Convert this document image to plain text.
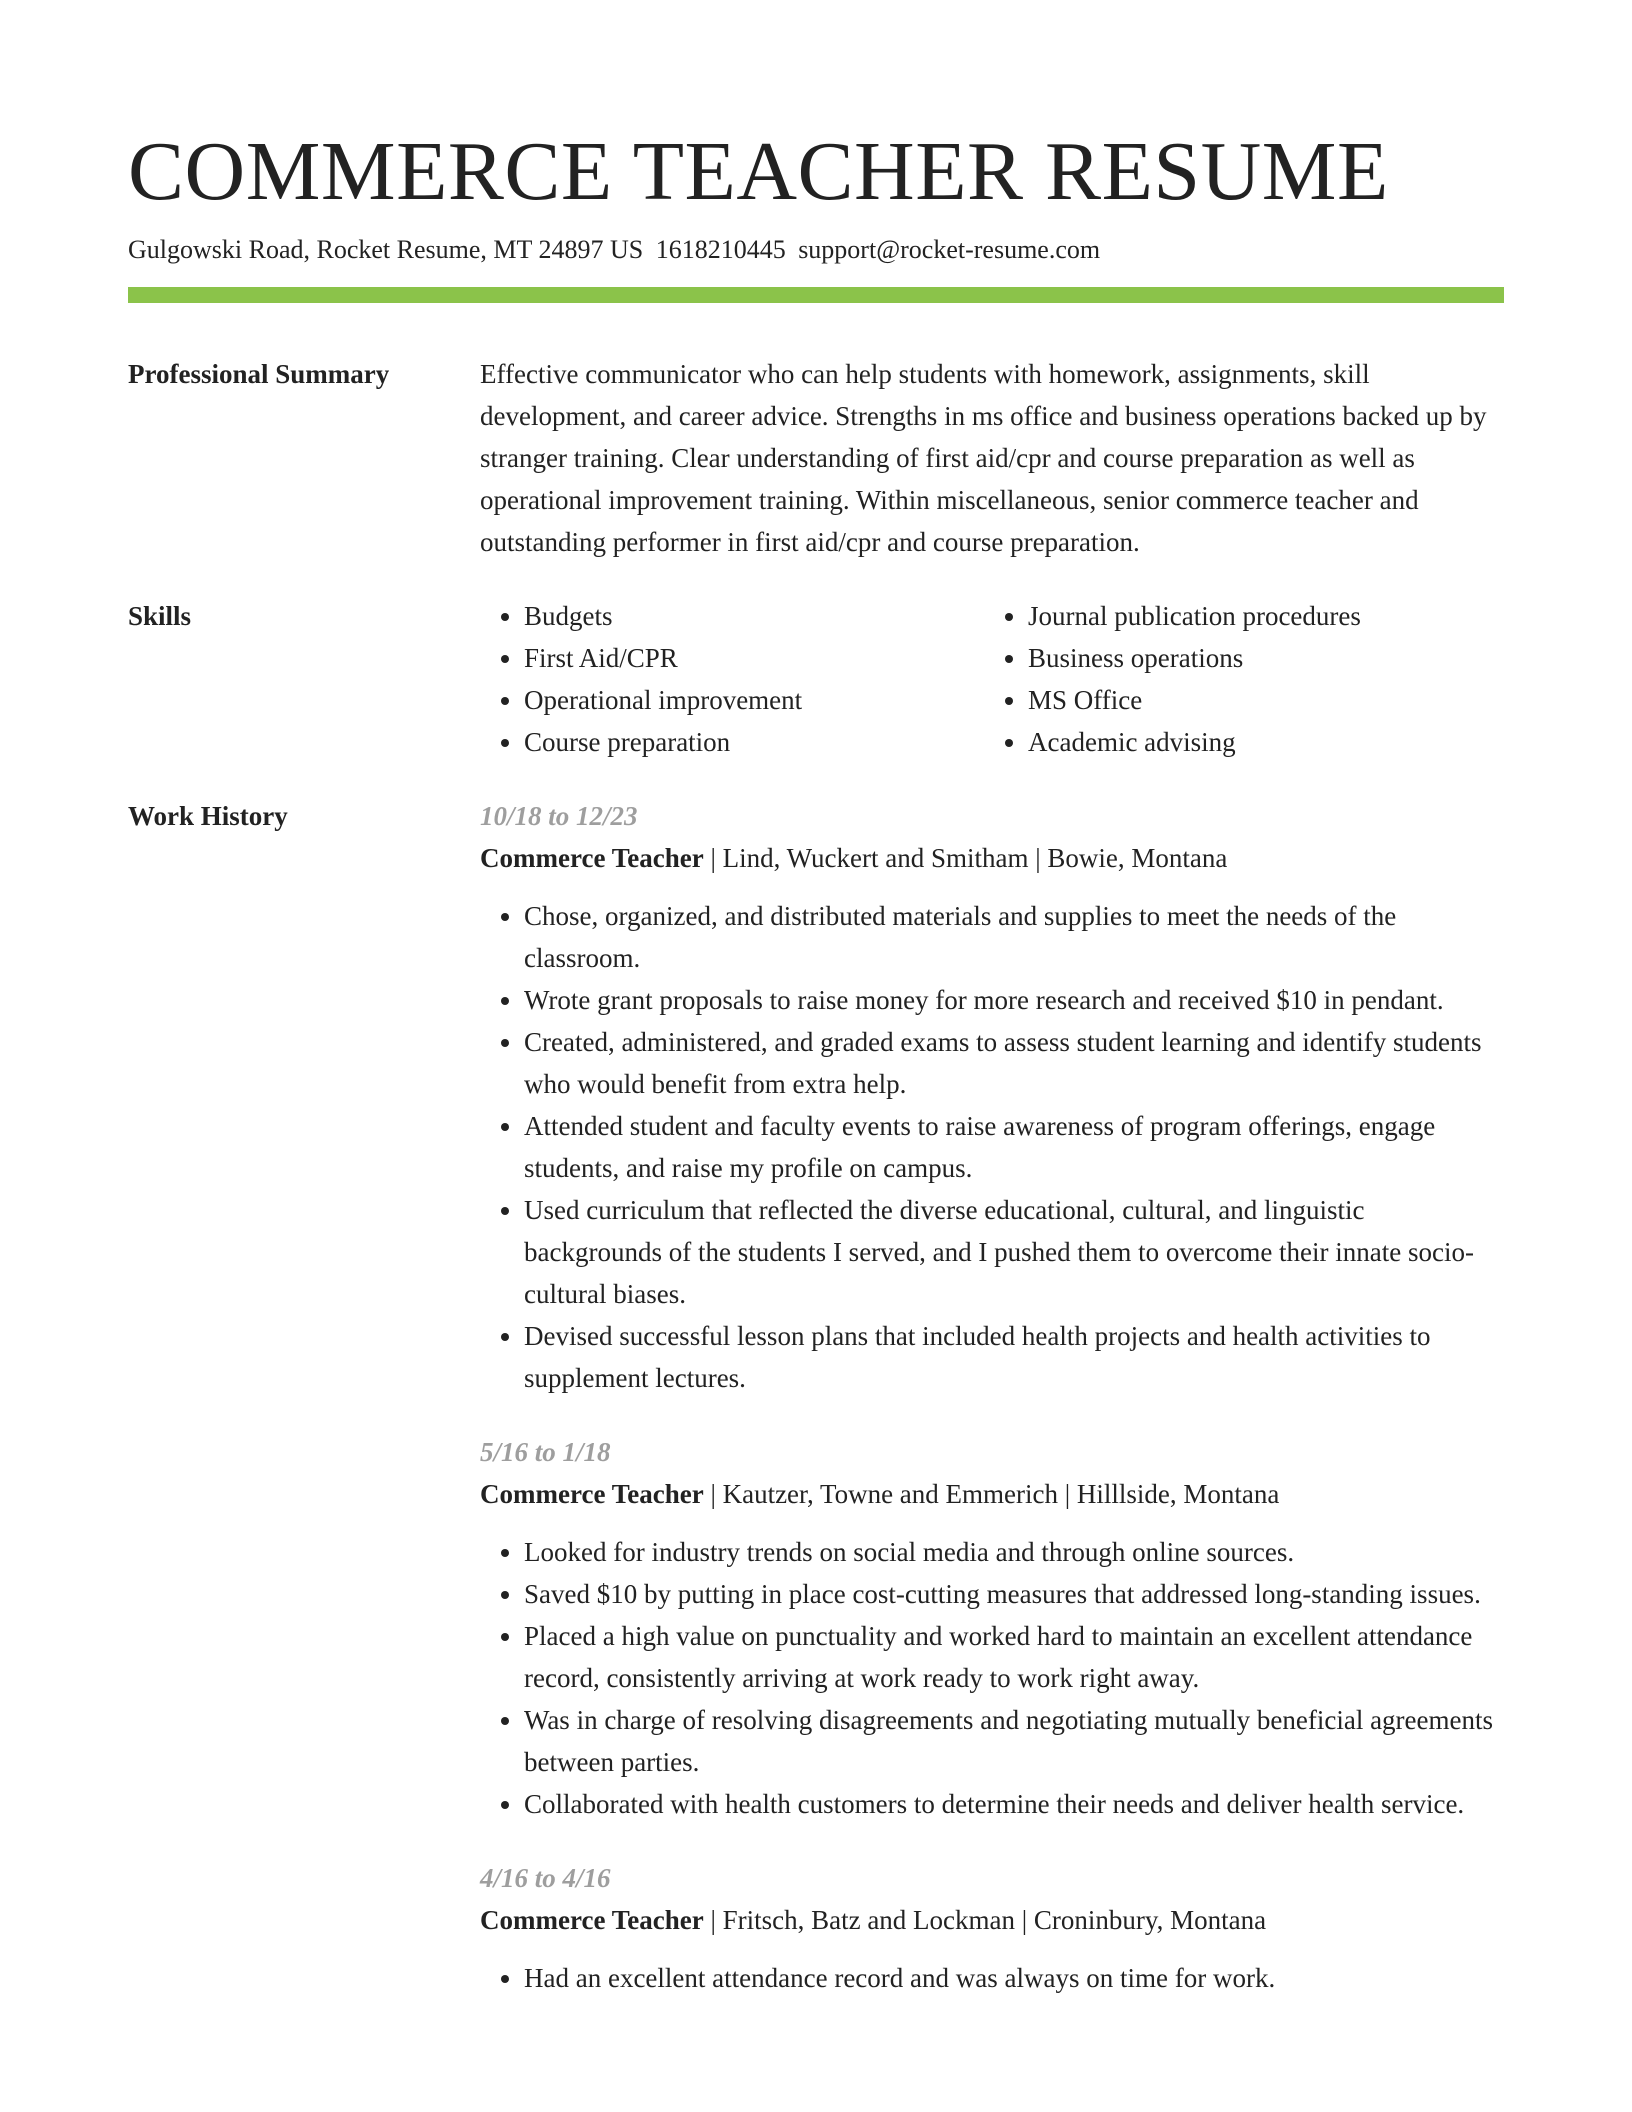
COMMERCE TEACHER RESUME
Gulgowski Road, Rocket Resume, MT 24897 US 1618210445 support@rocket-resume.com
Professional Summary	Effective communicator who can help students with homework, assignments, skill development, and career advice. Strengths in ms office and business operations backed up by stranger training. Clear understanding of first aid/cpr and course preparation as well as operational improvement training. Within miscellaneous, senior commerce teacher and outstanding performer in first aid/cpr and course preparation.

Skills
•	Budgets
• First Aid/CPR
• Operational improvement
• Course preparation
• Journal publication procedures
• Business operations
• MS Office
• Academic advising
Work History	10/18 to 12/23
Commerce Teacher | Lind, Wuckert and Smitham | Bowie, Montana
• Chose, organized, and distributed materials and supplies to meet the needs of the classroom.
• Wrote grant proposals to raise money for more research and received $10 in pendant.
• Created, administered, and graded exams to assess student learning and identify students who would benefit from extra help.
• Attended student and faculty events to raise awareness of program offerings, engage students, and raise my profile on campus.
• Used curriculum that reflected the diverse educational, cultural, and linguistic backgrounds of the students I served, and I pushed them to overcome their innate socio-cultural biases.
• Devised successful lesson plans that included health projects and health activities to supplement lectures.
5/16 to 1/18
Commerce Teacher | Kautzer, Towne and Emmerich | Hilllside, Montana
• Looked for industry trends on social media and through online sources.
• Saved $10 by putting in place cost-cutting measures that addressed long-standing issues.
• Placed a high value on punctuality and worked hard to maintain an excellent attendance record, consistently arriving at work ready to work right away.
• Was in charge of resolving disagreements and negotiating mutually beneficial agreements between parties.
• Collaborated with health customers to determine their needs and deliver health service.
4/16 to 4/16
Commerce Teacher | Fritsch, Batz and Lockman | Croninbury, Montana
• Had an excellent attendance record and was always on time for work.
